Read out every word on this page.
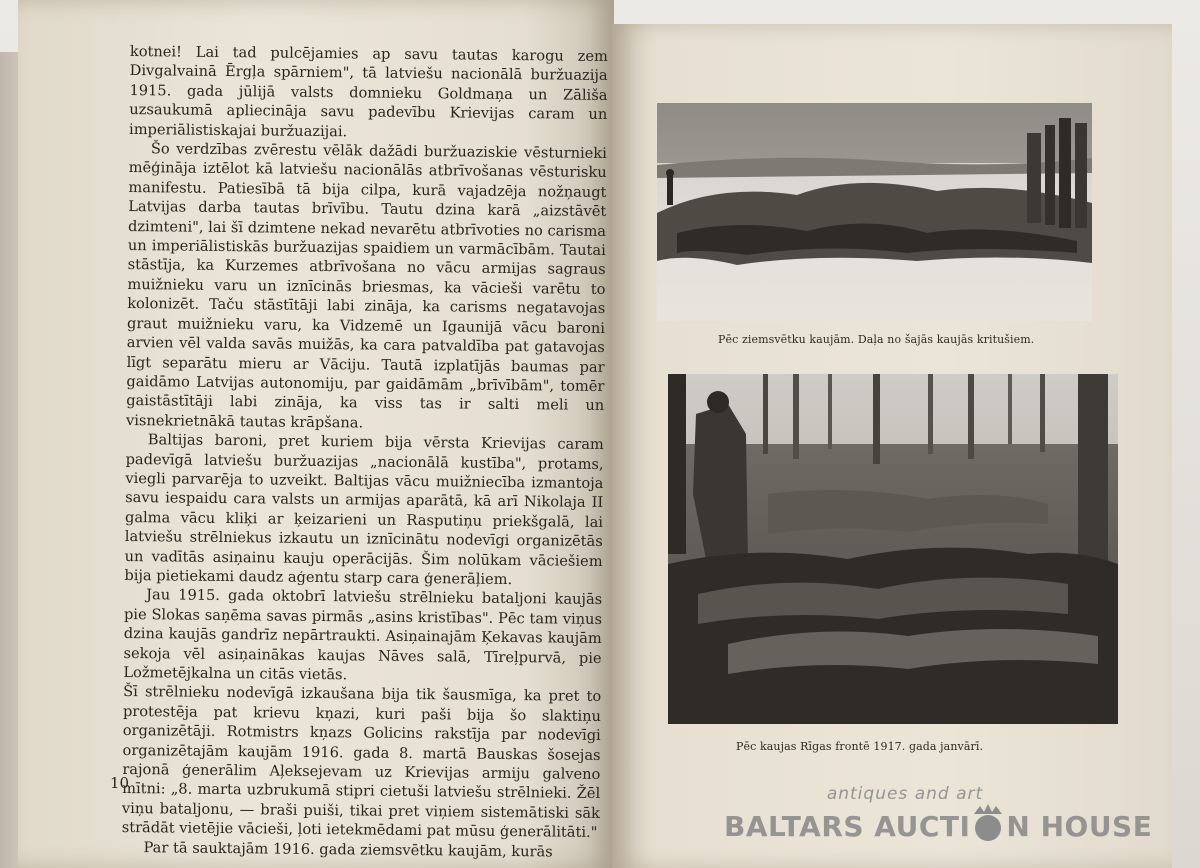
kotnei! Lai tad pulcējamies ap savu tautas karogu zem Divgalvainā Ērgļa spārniem", tā latviešu nacionālā buržuazija 1915. gada jūlijā valsts domnieku Goldmaņa un Zāliša uzsaukumā apliecināja savu padevību Krievijas caram un imperiālistiskajai buržuazijai.

Šo verdzības zvērestu vēlāk dažādi buržuaziskie vēsturnieki mēģināja iztēlot kā latviešu nacionālās atbrīvošanas vēsturisku manifestu. Patiesībā tā bija cilpa, kurā vajadzēja nožņaugt Latvijas darba tautas brīvību. Tautu dzina karā „aizstāvēt dzimteni", lai šī dzimtene nekad nevarētu atbrīvoties no carisma un imperiālistiskās buržuazijas spaidiem un varmācībām. Tautai stāstīja, ka Kurzemes atbrīvošana no vācu armijas sagraus muižnieku varu un iznīcinās briesmas, ka vācieši varētu to kolonizēt. Taču stāstītāji labi zināja, ka carisms negatavojas graut muižnieku varu, ka Vidzemē un Igaunijā vācu baroni arvien vēl valda savās muižās, ka cara patvaldība pat gatavojas līgt separātu mieru ar Vāciju. Tautā izplatījās baumas par gaidāmo Latvijas autonomiju, par gaidāmām „brīvībām", tomēr gaistāstītāji labi zināja, ka viss tas ir salti meli un visnekrietnākā tautas krāpšana.

Baltijas baroni, pret kuriem bija vērsta Krievijas caram padevīgā latviešu buržuazijas „nacionālā kustība", protams, viegli parvarēja to uzveikt. Baltijas vācu muižniecība izmantoja savu iespaidu cara valsts un armijas aparātā, kā arī Nikolaja II galma vācu kliķi ar ķeizarieni un Rasputiņu priekšgalā, lai latviešu strēlniekus izkautu un iznīcinātu nodevīgi organizētās un vadītās asiņainu kauju operācijās. Šim nolūkam vāciešiem bija pietiekami daudz aģentu starp cara ģenerāļiem.

Jau 1915. gada oktobrī latviešu strēlnieku bataljoni kaujās pie Slokas saņēma savas pirmās „asins kristības". Pēc tam viņus dzina kaujās gandrīz nepārtraukti. Asiņainajām Ķekavas kaujām sekoja vēl asiņainākas kaujas Nāves salā, Tīreļpurvā, pie Ložmetējkalna un citās vietās.

Šī strēlnieku nodevīgā izkaušana bija tik šausmīga, ka pret to protestēja pat krievu kņazi, kuri paši bija šo slaktiņu organizētāji. Rotmistrs kņazs Golicins rakstīja par nodevīgi organizētajām kaujām 1916. gada 8. martā Bauskas šosejas rajonā ģenerālim Aļeksejevam uz Krievijas armiju galveno mītni: „8. marta uzbrukumā stipri cietuši latviešu strēlnieki. Žēl viņu bataljonu, — braši puiši, tikai pret viņiem sistemātiski sāk strādāt vietējie vācieši, ļoti ietekmēdami pat mūsu ģenerālitāti."

Par tā sauktajām 1916. gada ziemsvētku kaujām, kurās

10
Pēc ziemsvētku kaujām. Daļa no šajās kaujās kritušiem.
Pēc kaujas Rīgas frontē 1917. gada janvārī.
antiques and art
BALTARS AUCTI N HOUSE
